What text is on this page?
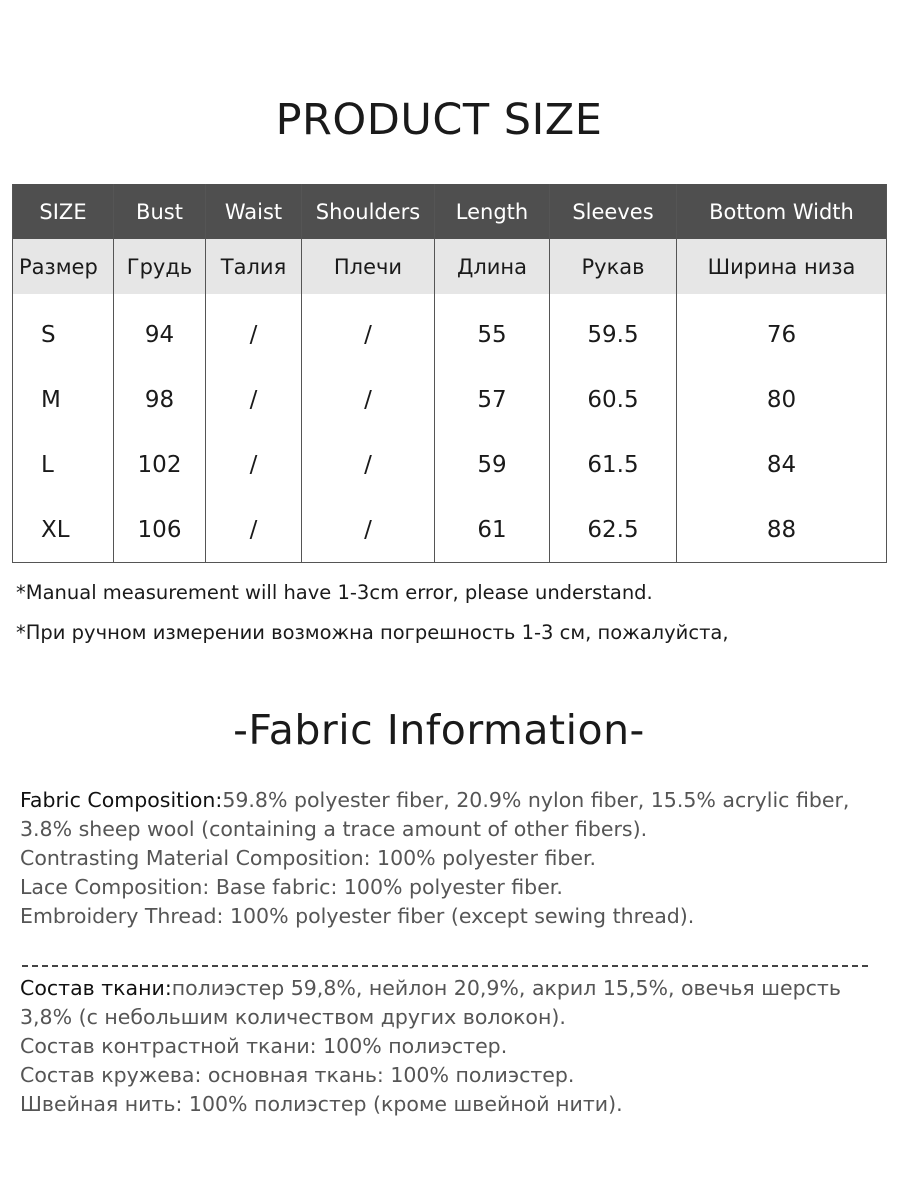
PRODUCT SIZE
SIZE	Bust	Waist	Shoulders	Length	Sleeves	Bottom Width
Размер	Грудь	Талия	Плечи	Длина	Рукав	Ширина низа
S	94	/	/	55	59.5	76
M	98	/	/	57	60.5	80
L	102	/	/	59	61.5	84
XL	106	/	/	61	62.5	88
*Manual measurement will have 1-3cm error, please understand.
*При ручном измерении возможна погрешность 1-3 см, пожалуйста,
-Fabric Information-

Fabric Composition:59.8% polyester fiber, 20.9% nylon fiber, 15.5% acrylic fiber, 3.8% sheep wool (containing a trace amount of other fibers).

Contrasting Material Composition: 100% polyester fiber.

Lace Composition: Base fabric: 100% polyester fiber.

Embroidery Thread: 100% polyester fiber (except sewing thread).

Состав ткани:полиэстер 59,8%, нейлон 20,9%, акрил 15,5%, овечья шерсть 3,8% (с небольшим количеством других волокон).

Состав контрастной ткани: 100% полиэстер.

Состав кружева: основная ткань: 100% полиэстер.

Швейная нить: 100% полиэстер (кроме швейной нити).
